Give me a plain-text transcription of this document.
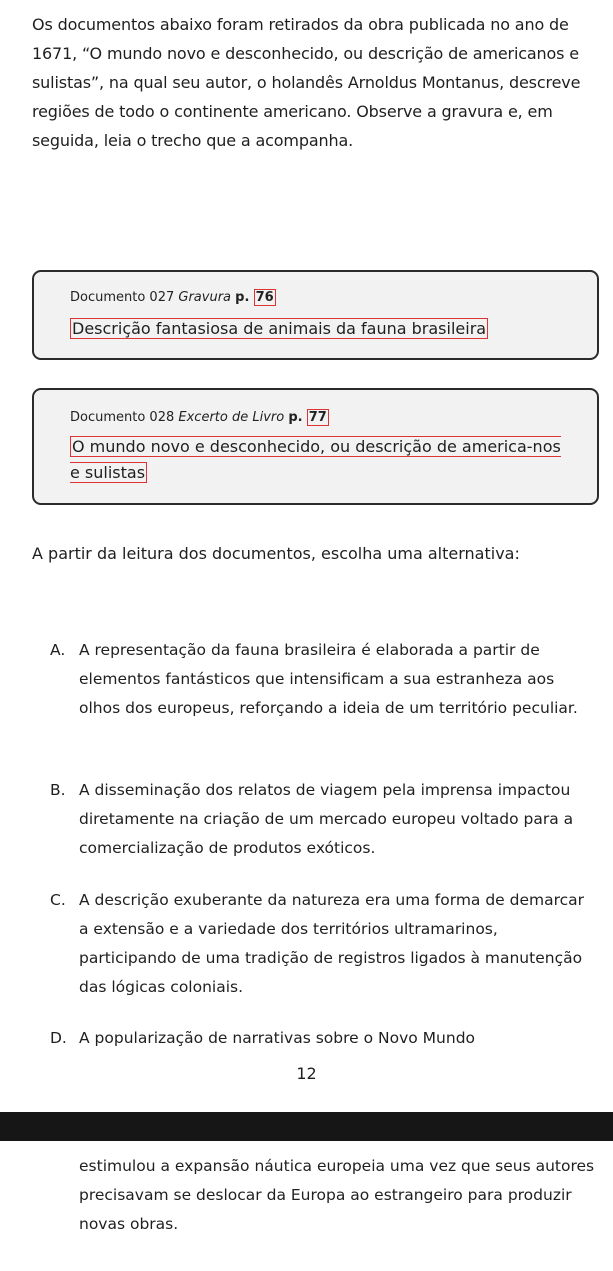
Os documentos abaixo foram retirados da obra publicada no ano de 1671, “O mundo novo e desconhecido, ou descrição de americanos e sulistas”, na qual seu autor, o holandês Arnoldus Montanus, descreve regiões de todo o continente americano. Observe a gravura e, em seguida, leia o trecho que a acompanha.

Documento 027 Gravura p. 76
Descrição fantasiosa de animais da fauna brasileira
Documento 028 Excerto de Livro p. 77
O mundo novo e desconhecido, ou descrição de america-nos e sulistas

A partir da leitura dos documentos, escolha uma alternativa:

A. A representação da fauna brasileira é elaborada a partir de elementos fantásticos que intensificam a sua estranheza aos olhos dos europeus, reforçando a ideia de um território peculiar.
B. A disseminação dos relatos de viagem pela imprensa impactou diretamente na criação de um mercado europeu voltado para a comercialização de produtos exóticos.
C. A descrição exuberante da natureza era uma forma de demarcar a extensão e a variedade dos territórios ultramarinos, participando de uma tradição de registros ligados à manutenção das lógicas coloniais.
D. A popularização de narrativas sobre o Novo Mundo
12
estimulou a expansão náutica europeia uma vez que seus autores precisavam se deslocar da Europa ao estrangeiro para produzir novas obras.
